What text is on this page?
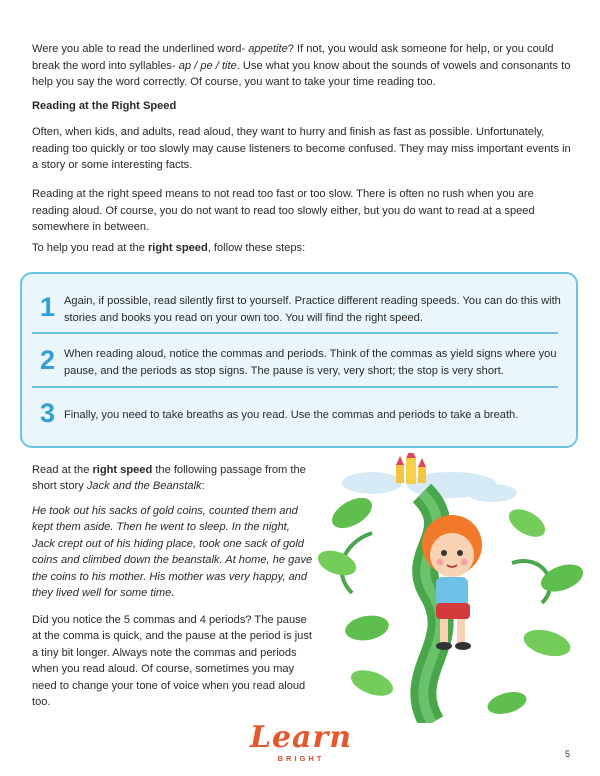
Were you able to read the underlined word- appetite? If not, you would ask someone for help, or you could break the word into syllables- ap / pe / tite. Use what you know about the sounds of vowels and consonants to help you say the word correctly. Of course, you want to take your time reading too.

Reading at the Right Speed

Often, when kids, and adults, read aloud, they want to hurry and finish as fast as possible. Unfortunately, reading too quickly or too slowly may cause listeners to become confused. They may miss important events in a story or some interesting facts.

Reading at the right speed means to not read too fast or too slow. There is often no rush when you are reading aloud. Of course, you do not want to read too slowly either, but you do want to read at a speed somewhere in between.

To help you read at the right speed, follow these steps:

1 Again, if possible, read silently first to yourself. Practice different reading speeds. You can do this with stories and books you read on your own too. You will find the right speed.
2 When reading aloud, notice the commas and periods. Think of the commas as yield signs where you pause, and the periods as stop signs. The pause is very, very short; the stop is very short.
3 Finally, you need to take breaths as you read. Use the commas and periods to take a breath.

Read at the right speed the following passage from the short story Jack and the Beanstalk:

He took out his sacks of gold coins, counted them and kept them aside. Then he went to sleep. In the night, Jack crept out of his hiding place, took one sack of gold coins and climbed down the beanstalk. At home, he gave the coins to his mother. His mother was very happy, and they lived well for some time.

Did you notice the 5 commas and 4 periods? The pause at the comma is quick, and the pause at the period is just a tiny bit longer. Always note the commas and periods when you read aloud. Of course, sometimes you may need to change your tone of voice when you read aloud too.

Learn
BRIGHT	5
